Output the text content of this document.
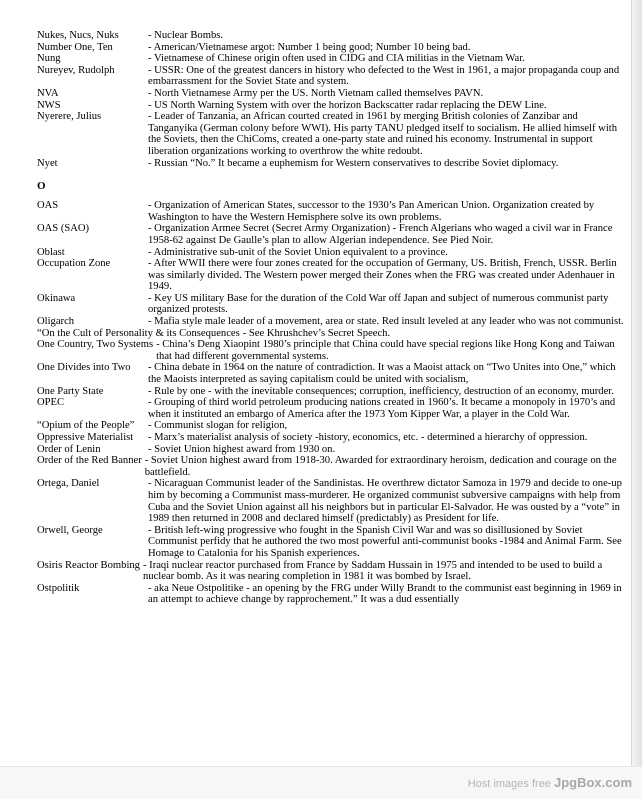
Nukes, Nucs, Nuks	- Nuclear Bombs.
Number One, Ten	- American/Vietnamese argot: Number 1 being good; Number 10 being bad.
Nung	- Vietnamese of Chinese origin often used in CIDG and CIA militias in the Vietnam War.
Nureyev, Rudolph	- USSR: One of the greatest dancers in history who defected to the West in 1961, a major propaganda coup and embarrassment for the Soviet State and system.
NVA	- North Vietnamese Army per the US. North Vietnam called themselves PAVN.
NWS	- US North Warning System with over the horizon Backscatter radar replacing the DEW Line.
Nyerere, Julius	- Leader of Tanzania, an African courted created in 1961 by merging British colonies of Zanzibar and Tanganyika (German colony before WWI). His party TANU pledged itself to socialism. He allied himself with the Soviets, then the ChiComs, created a one-party state and ruined his economy. Instrumental in support liberation organizations working to overthrow the white redoubt.
Nyet	- Russian “No.” It became a euphemism for Western conservatives to describe Soviet diplomacy.
O
OAS	- Organization of American States, successor to the 1930’s Pan American Union. Organization created by Washington to have the Western Hemisphere solve its own problems.
OAS (SAO)	- Organization Armee Secret (Secret Army Organization) - French Algerians who waged a civil war in France 1958-62 against De Gaulle’s plan to allow Algerian independence. See Pied Noir.
Oblast	- Administrative sub-unit of the Soviet Union equivalent to a province.
Occupation Zone	- After WWII there were four zones created for the occupation of Germany, US. British, French, USSR. Berlin was similarly divided. The Western power merged their Zones when the FRG was created under Adenhauer in 1949.
Okinawa	- Key US military Base for the duration of the Cold War off Japan and subject of numerous communist party organized protests.
Oligarch	- Mafia style male leader of a movement, area or state. Red insult leveled at any leader who was not communist.
“On the Cult of Personality & its Consequences - See Khrushchev’s Secret Speech.
One Country, Two Systems - China’s Deng Xiaopint 1980’s principle that China could have special regions like Hong Kong and Taiwan that had different governmental systems.
One Divides into Two	- China debate in 1964 on the nature of contradiction. It was a Maoist attack on “Two Unites into One,” which the Maoists interpreted as saying capitalism could be united with socialism,
One Party State	- Rule by one - with the inevitable consequences; corruption, inefficiency, destruction of an economy, murder.
OPEC	- Grouping of third world petroleum producing nations created in 1960’s. It became a monopoly in 1970’s and when it instituted an embargo of America after the 1973 Yom Kipper War, a player in the Cold War.
“Opium of the People”	- Communist slogan for religion,
Oppressive Materialist	- Marx’s materialist analysis of society -history, economics, etc. - determined a hierarchy of oppression.
Order of Lenin	- Soviet Union highest award from 1930 on.
Order of the Red Banner - Soviet Union highest award from 1918-30. Awarded for extraordinary heroism, dedication and courage on the battlefield.
Ortega, Daniel	- Nicaraguan Communist leader of the Sandinistas. He overthrew dictator Samoza in 1979 and decide to one-up him by becoming a Communist mass-murderer. He organized communist subversive campaigns with help from Cuba and the Soviet Union against all his neighbors but in particular El-Salvador. He was ousted by a “vote” in 1989 then returned in 2008 and declared himself (predictably) as President for life.
Orwell, George	- British left-wing progressive who fought in the Spanish Civil War and was so disillusioned by Soviet Communist perfidy that he authored the two most powerful anti-communist books -1984 and Animal Farm. See Homage to Catalonia for his Spanish experiences.
Osiris Reactor Bombing - Iraqi nuclear reactor purchased from France by Saddam Hussain in 1975 and intended to be used to build a nuclear bomb. As it was nearing completion in 1981 it was bombed by Israel.
Ostpolitik	- aka Neue Ostpolitike - an opening by the FRG under Willy Brandt to the communist east beginning in 1969 in an attempt to achieve change by rapprochement.” It was a dud essentially
Host images free JpgBox.com
